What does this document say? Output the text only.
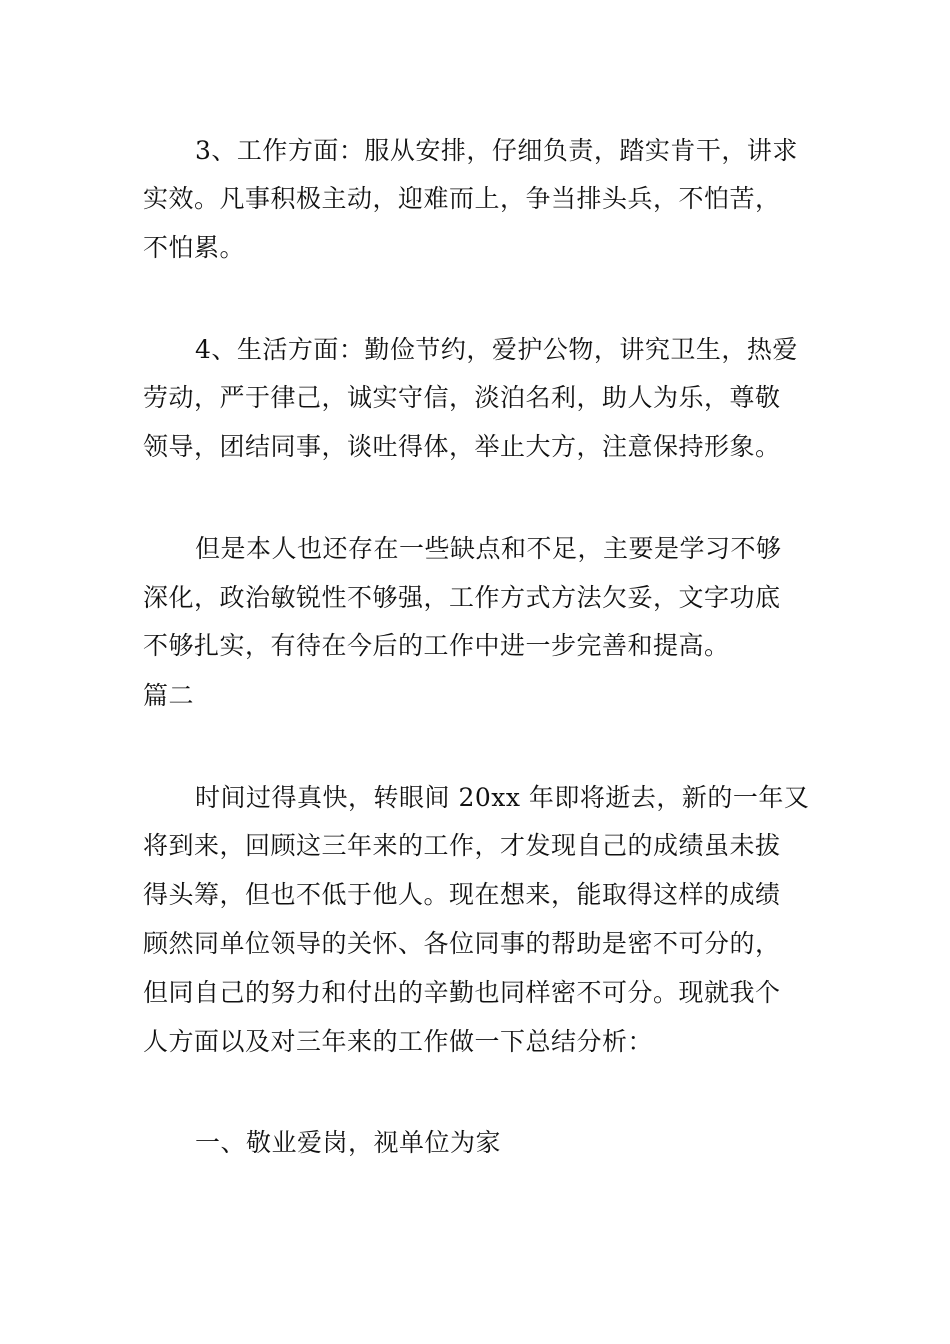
3、工作方面：服从安排，仔细负责，踏实肯干，讲求
实效。凡事积极主动，迎难而上，争当排头兵，不怕苦，
不怕累。
4、生活方面：勤俭节约，爱护公物，讲究卫生，热爱
劳动，严于律己，诚实守信，淡泊名利，助人为乐，尊敬
领导，团结同事，谈吐得体，举止大方，注意保持形象。
但是本人也还存在一些缺点和不足，主要是学习不够
深化，政治敏锐性不够强，工作方式方法欠妥，文字功底
不够扎实，有待在今后的工作中进一步完善和提高。
篇二
时间过得真快，转眼间 20xx 年即将逝去，新的一年又
将到来，回顾这三年来的工作，才发现自己的成绩虽未拔
得头筹，但也不低于他人。现在想来，能取得这样的成绩
顾然同单位领导的关怀、各位同事的帮助是密不可分的，
但同自己的努力和付出的辛勤也同样密不可分。现就我个
人方面以及对三年来的工作做一下总结分析：
一、敬业爱岗，视单位为家
